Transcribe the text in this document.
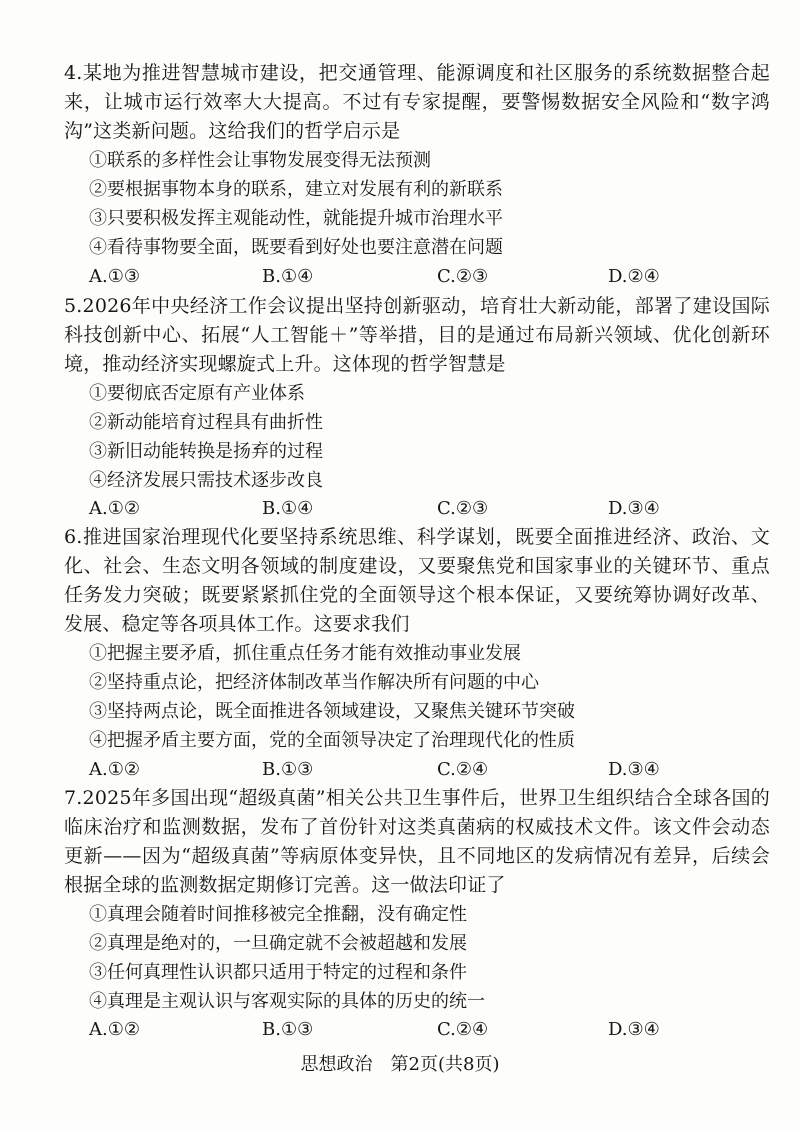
4.某地为推进智慧城市建设，把交通管理、能源调度和社区服务的系统数据整合起来，让城市运行效率大大提高。不过有专家提醒，要警惕数据安全风险和“数字鸿沟”这类新问题。这给我们的哲学启示是
①联系的多样性会让事物发展变得无法预测
②要根据事物本身的联系，建立对发展有利的新联系
③只要积极发挥主观能动性，就能提升城市治理水平
④看待事物要全面，既要看到好处也要注意潜在问题
A.①③	B.①④	C.②③	D.②④
5.2026年中央经济工作会议提出坚持创新驱动，培育壮大新动能，部署了建设国际科技创新中心、拓展“人工智能＋”等举措，目的是通过布局新兴领域、优化创新环境，推动经济实现螺旋式上升。这体现的哲学智慧是
①要彻底否定原有产业体系
②新动能培育过程具有曲折性
③新旧动能转换是扬弃的过程
④经济发展只需技术逐步改良
A.①②	B.①④	C.②③	D.③④
6.推进国家治理现代化要坚持系统思维、科学谋划，既要全面推进经济、政治、文化、社会、生态文明各领域的制度建设，又要聚焦党和国家事业的关键环节、重点任务发力突破；既要紧紧抓住党的全面领导这个根本保证，又要统筹协调好改革、发展、稳定等各项具体工作。这要求我们
①把握主要矛盾，抓住重点任务才能有效推动事业发展
②坚持重点论，把经济体制改革当作解决所有问题的中心
③坚持两点论，既全面推进各领域建设，又聚焦关键环节突破
④把握矛盾主要方面，党的全面领导决定了治理现代化的性质
A.①②	B.①③	C.②④	D.③④
7.2025年多国出现“超级真菌”相关公共卫生事件后，世界卫生组织结合全球各国的临床治疗和监测数据，发布了首份针对这类真菌病的权威技术文件。该文件会动态更新——因为“超级真菌”等病原体变异快，且不同地区的发病情况有差异，后续会根据全球的监测数据定期修订完善。这一做法印证了
①真理会随着时间推移被完全推翻，没有确定性
②真理是绝对的，一旦确定就不会被超越和发展
③任何真理性认识都只适用于特定的过程和条件
④真理是主观认识与客观实际的具体的历史的统一
A.①②	B.①③	C.②④	D.③④
思想政治　第2页(共8页)
